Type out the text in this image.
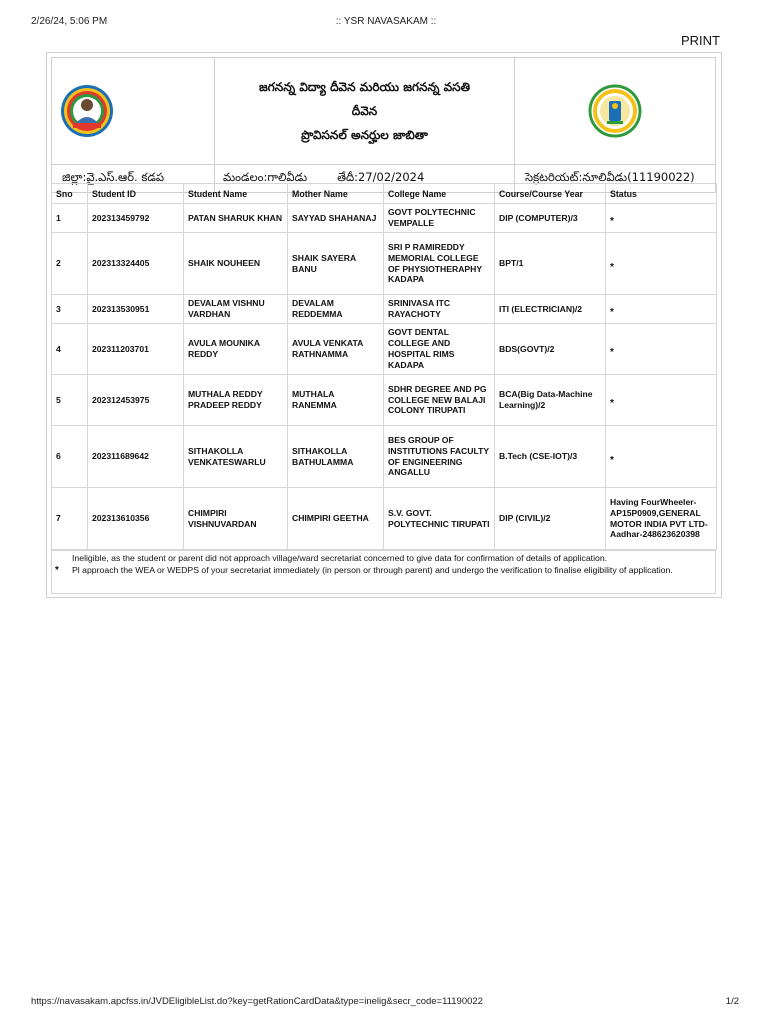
2/26/24, 5:06 PM	:: YSR NAVASAKAM ::
PRINT

జగనన్న విద్యా దీవెన మరియు జగనన్న వసతి
దీవెన
ప్రొవిసనల్ అనర్హుల జాబితా

జిల్లా:వై.ఎస్.ఆర్. కడప	మండలం:గాలివీడు తేదీ:27/02/2024	సెక్రటరియట్:నూలివీడు(11190022)
Sno	Student ID	Student Name	Mother Name	College Name	Course/Course Year	Status
1	202313459792	PATAN SHARUK KHAN	SAYYAD SHAHANAJ	GOVT POLYTECHNIC VEMPALLE	DIP (COMPUTER)/3	*
2	202313324405	SHAIK NOUHEEN	SHAIK SAYERA BANU	SRI P RAMIREDDY MEMORIAL COLLEGE OF PHYSIOTHERAPHY KADAPA	BPT/1	*
3	202313530951	DEVALAM VISHNU VARDHAN	DEVALAM REDDEMMA	SRINIVASA ITC RAYACHOTY	ITI (ELECTRICIAN)/2	*
4	202311203701	AVULA MOUNIKA REDDY	AVULA VENKATA RATHNAMMA	GOVT DENTAL COLLEGE AND HOSPITAL RIMS KADAPA	BDS(GOVT)/2	*
5	202312453975	MUTHALA REDDY PRADEEP REDDY	MUTHALA RANEMMA	SDHR DEGREE AND PG COLLEGE NEW BALAJI COLONY TIRUPATI	BCA(Big Data-Machine Learning)/2	*
6	202311689642	SITHAKOLLA VENKATESWARLU	SITHAKOLLA BATHULAMMA	BES GROUP OF INSTITUTIONS FACULTY OF ENGINEERING ANGALLU	B.Tech (CSE-IOT)/3	*
7	202313610356	CHIMPIRI VISHNUVARDAN	CHIMPIRI GEETHA	S.V. GOVT. POLYTECHNIC TIRUPATI	DIP (CIVIL)/2	Having FourWheeler-AP15P0909,GENERAL MOTOR INDIA PVT LTD-Aadhar-248623620398
*
Ineligible, as the student or parent did not approach village/ward secretariat concerned to give data for confirmation of details of application.
Pl approach the WEA or WEDPS of your secretariat immediately (in person or through parent) and undergo the verification to finalise eligibility of application.
https://navasakam.apcfss.in/JVDEligibleList.do?key=getRationCardData&type=inelig&secr_code=11190022	1/2
